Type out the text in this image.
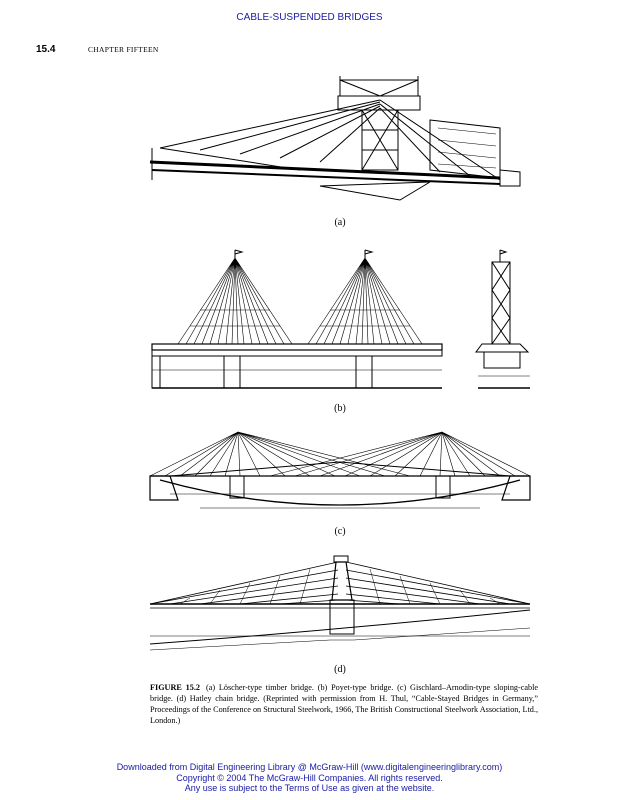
CABLE-SUSPENDED BRIDGES
15.4	CHAPTER FIFTEEN
(a)
(b)
(c)
(d)
FIGURE 15.2 (a) Löscher-type timber bridge. (b) Poyet-type bridge. (c) Gischlard–Arnodin-type sloping-cable bridge. (d) Hatley chain bridge. (Reprinted with permission from H. Thul, “Cable-Stayed Bridges in Germany,” Proceedings of the Conference on Structural Steelwork, 1966, The British Constructional Steelwork Association, Ltd., London.)
Downloaded from Digital Engineering Library @ McGraw-Hill (www.digitalengineeringlibrary.com)
Copyright © 2004 The McGraw-Hill Companies. All rights reserved.
Any use is subject to the Terms of Use as given at the website.
